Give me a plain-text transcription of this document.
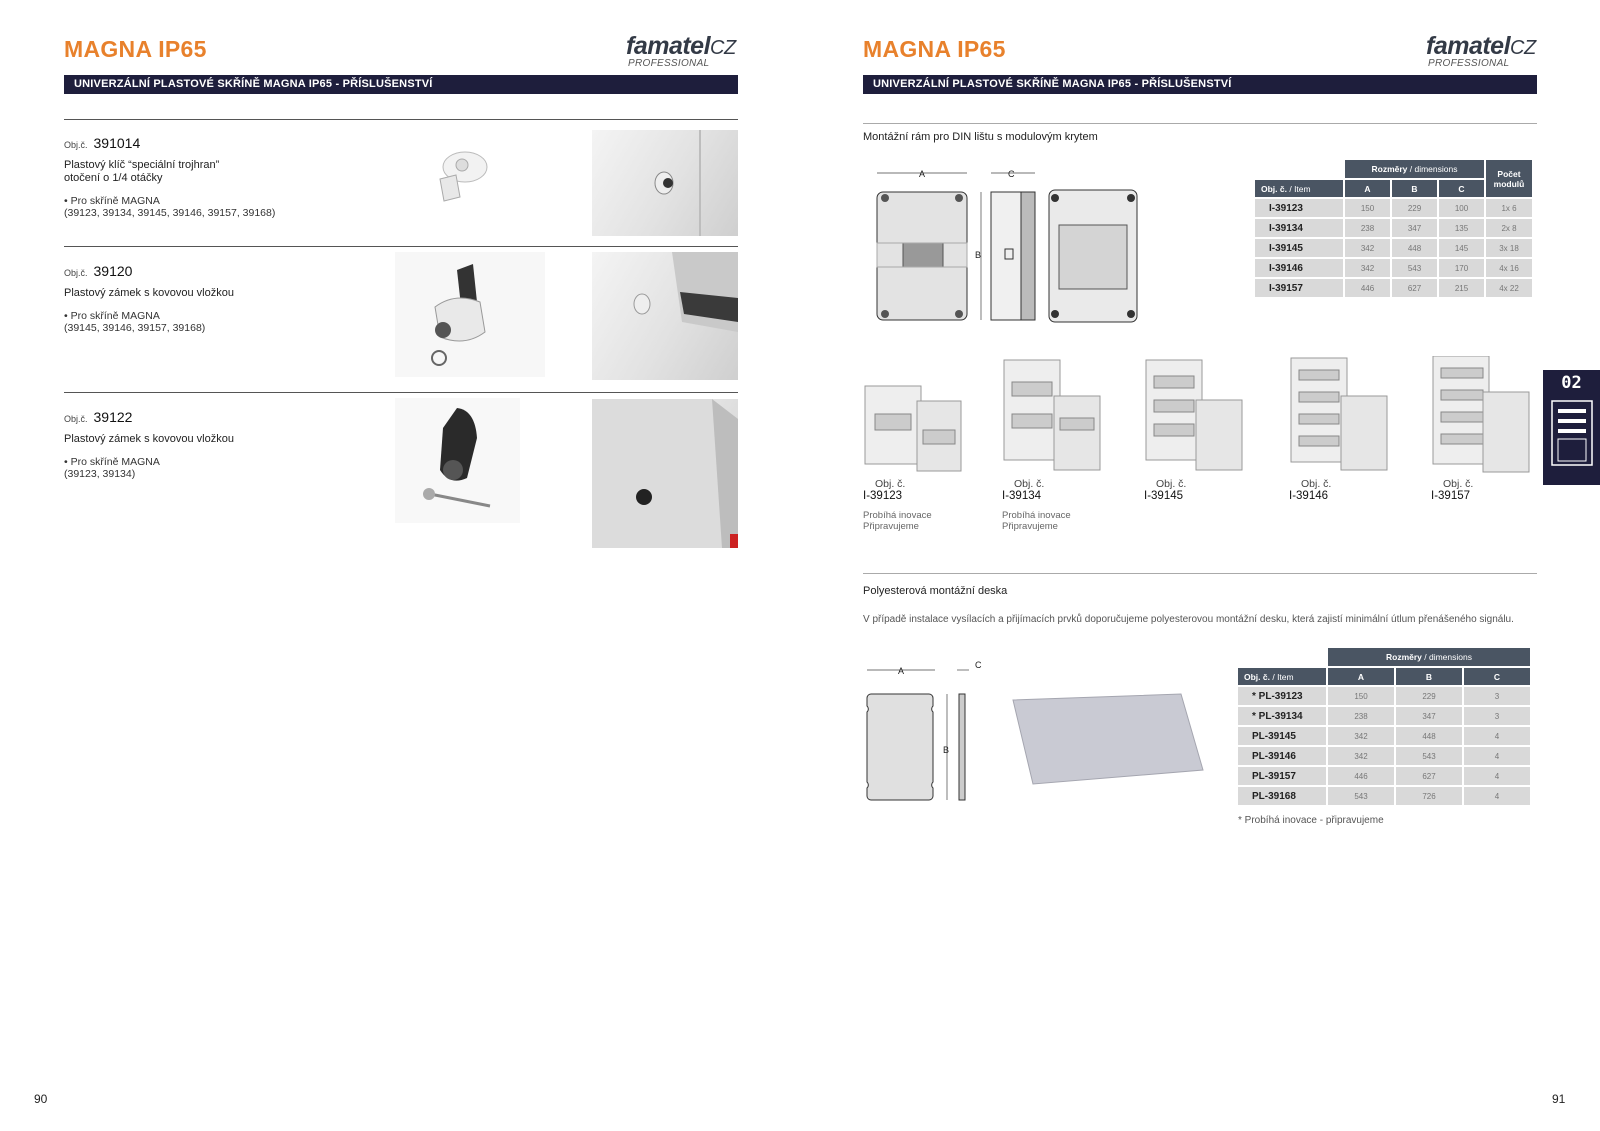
MAGNA IP65	famatelCZ
PROFESSIONAL
UNIVERZÁLNÍ PLASTOVÉ SKŘÍNĚ MAGNA IP65 - PŘÍSLUŠENSTVÍ
Obj.č. 391014
Plastový klíč “speciální trojhran”
otočení o 1/4 otáčky
• Pro skříně MAGNA
(39123, 39134, 39145, 39146, 39157, 39168)
Obj.č. 39120
Plastový zámek s kovovou vložkou
• Pro skříně MAGNA
(39145, 39146, 39157, 39168)
Obj.č. 39122
Plastový zámek s kovovou vložkou
• Pro skříně MAGNA
(39123, 39134)
90
MAGNA IP65	famatelCZ
PROFESSIONAL
UNIVERZÁLNÍ PLASTOVÉ SKŘÍNĚ MAGNA IP65 - PŘÍSLUŠENSTVÍ
Montážní rám pro DIN lištu s modulovým krytem
A	C
B
	Rozměry / dimensions			Počet modulů
Obj. č. / Item	A	B	C	
I-39123	150	229	100	1x 6
I-39134	238	347	135	2x 8
I-39145	342	448	145	3x 18
I-39146	342	543	170	4x 16
I-39157	446	627	215	4x 22
Obj. č.
I-39123
Probíhá inovace
Připravujeme
Obj. č.
I-39134
Probíhá inovace
Připravujeme
Obj. č.
I-39145
Obj. č.
I-39146
Obj. č.
I-39157
Polyesterová montážní deska
V případě instalace vysílacích a přijímacích prvků doporučujeme polyesterovou montážní desku, která zajistí minimální útlum přenášeného signálu.
A
C
B
	Rozměry / dimensions		
Obj. č. / Item	A	B	C
* PL-39123	150	229	3
* PL-39134	238	347	3
PL-39145	342	448	4
PL-39146	342	543	4
PL-39157	446	627	4
PL-39168	543	726	4
* Probíhá inovace - připravujeme
91
02
